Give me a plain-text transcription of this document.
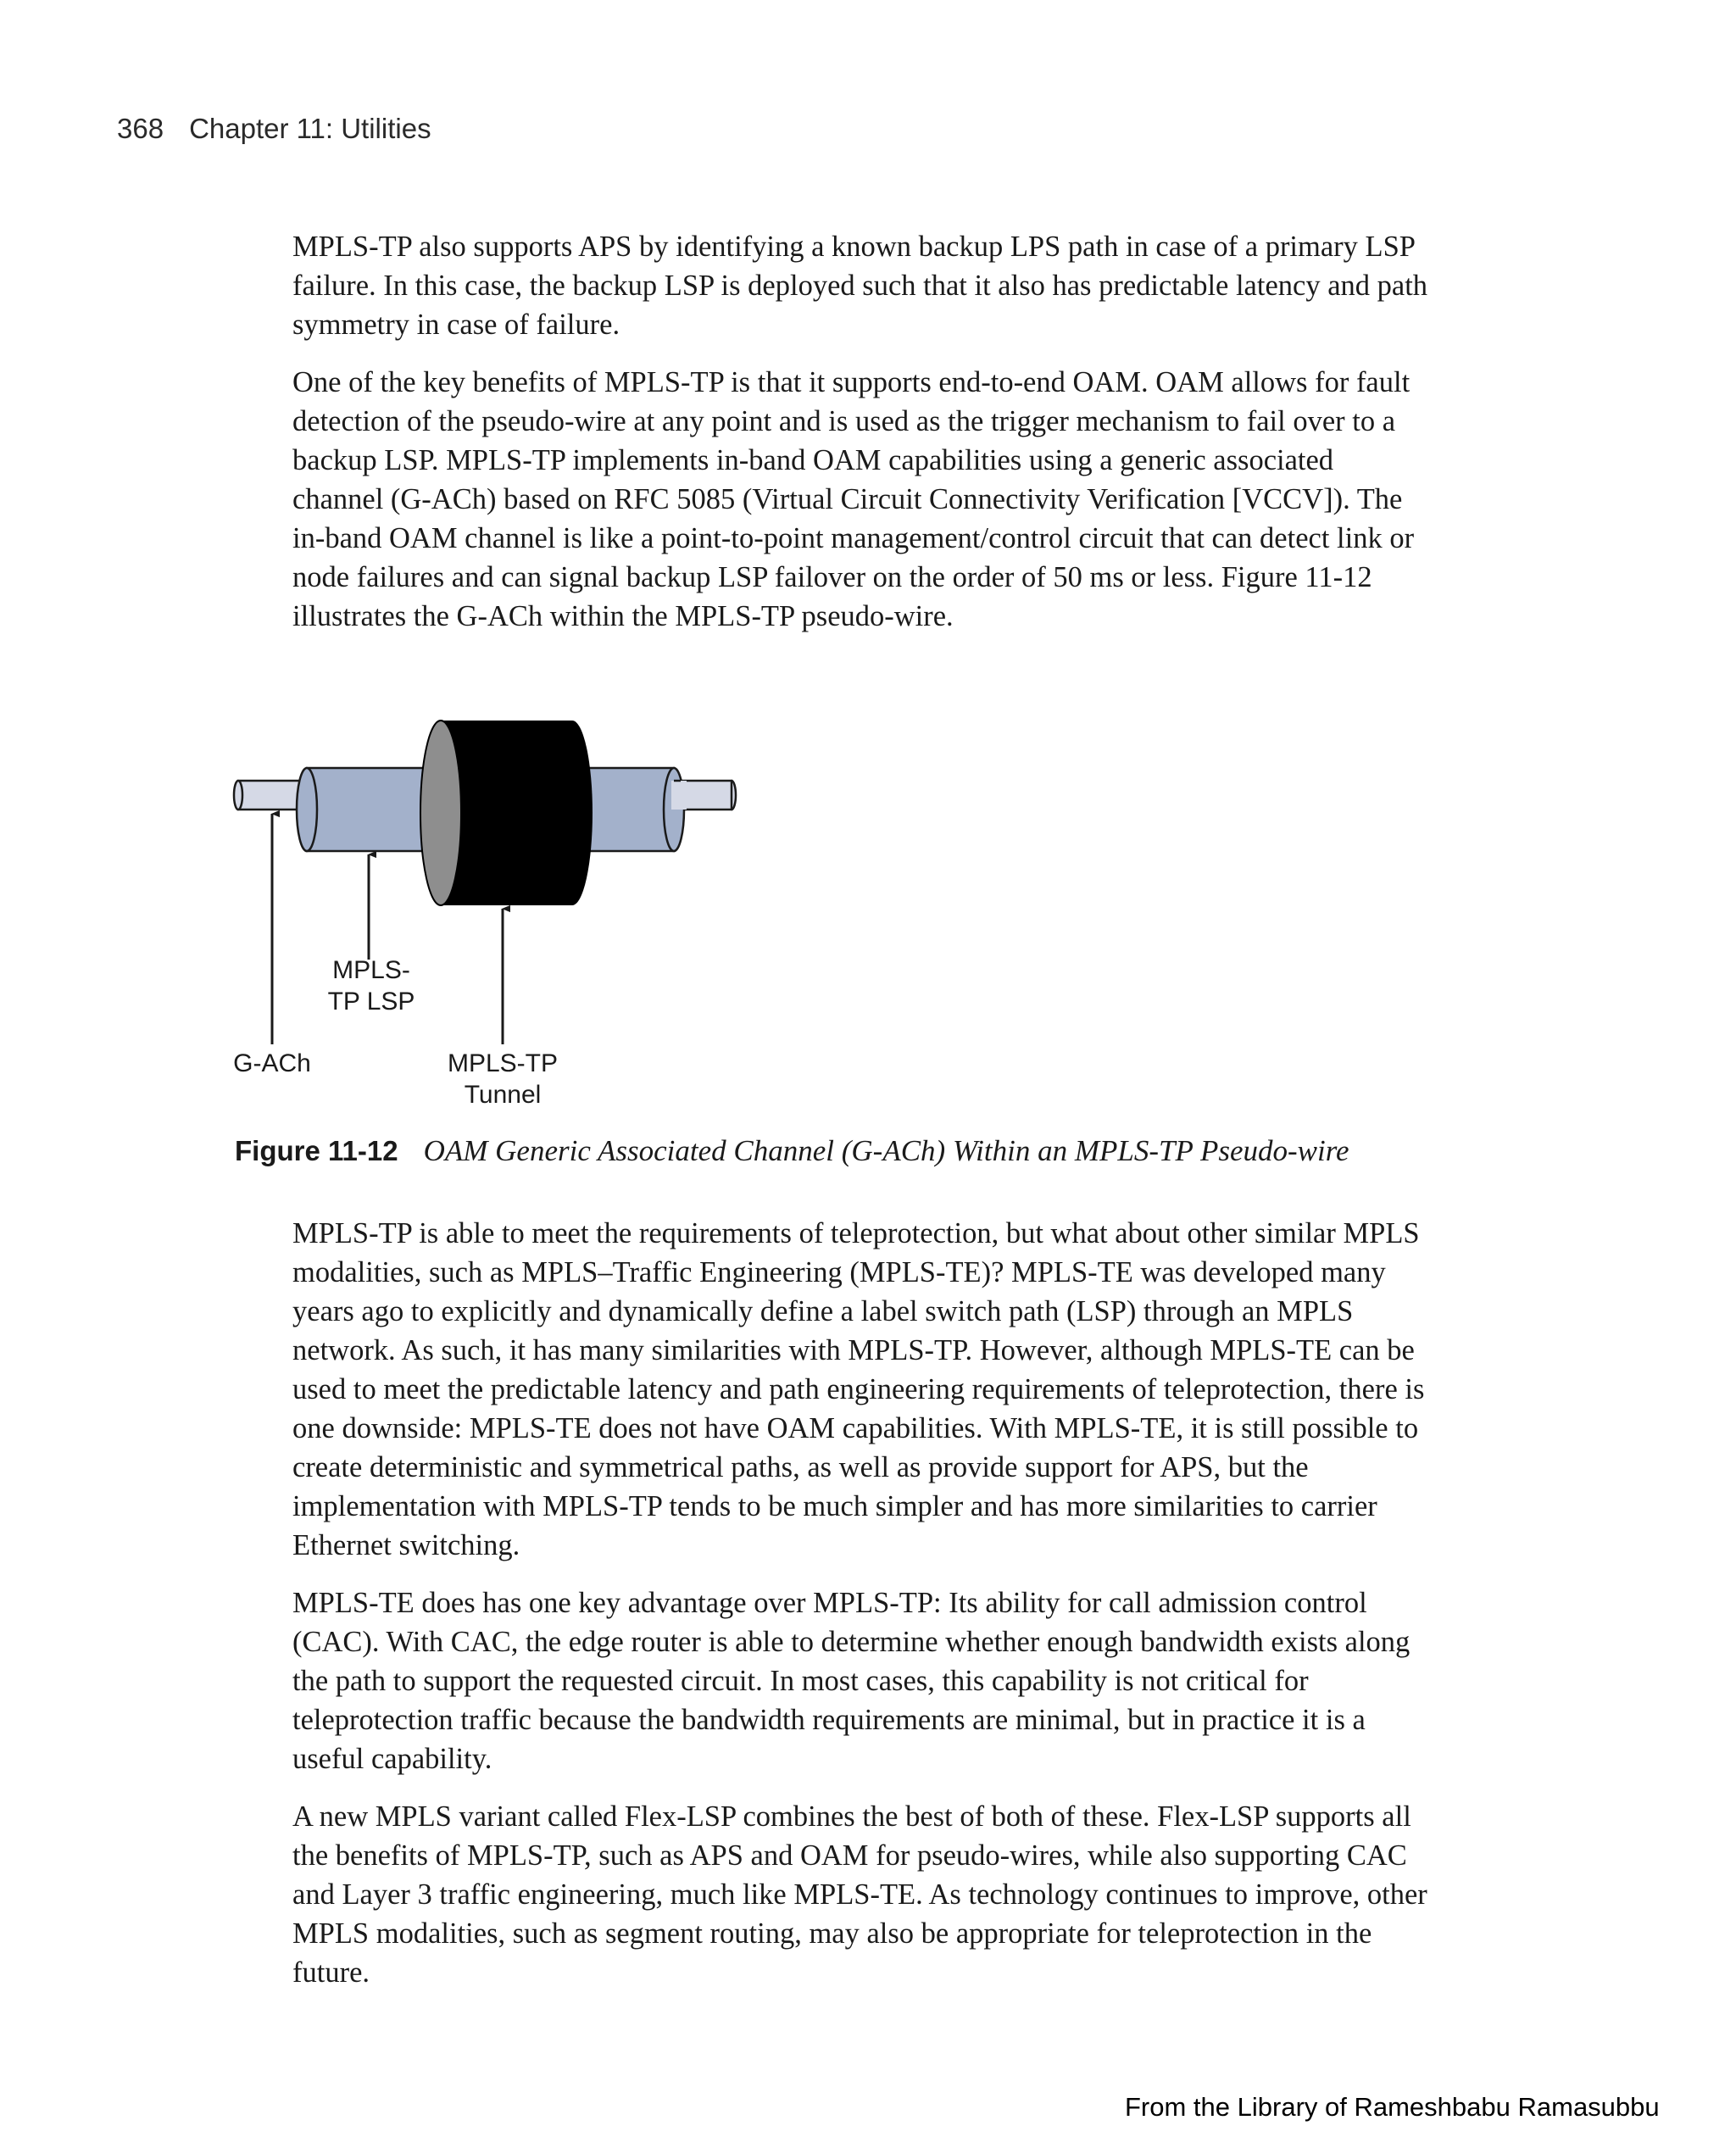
368 Chapter 11: Utilities

MPLS-TP also supports APS by identifying a known backup LPS path in case of a primary LSP failure. In this case, the backup LSP is deployed such that it also has predictable latency and path symmetry in case of failure.

One of the key benefits of MPLS-TP is that it supports end-to-end OAM. OAM allows for fault detection of the pseudo-wire at any point and is used as the trigger mechanism to fail over to a backup LSP. MPLS-TP implements in-band OAM capabilities using a generic associated channel (G-ACh) based on RFC 5085 (Virtual Circuit Connectivity Verification [VCCV]). The in-band OAM channel is like a point-to-point management/control circuit that can detect link or node failures and can signal backup LSP failover on the order of 50 ms or less. Figure 11-12 illustrates the G-ACh within the MPLS-TP pseudo-wire.

MPLS-
TP LSP
G-ACh	MPLS-TP
Tunnel
Figure 11-12 OAM Generic Associated Channel (G-ACh) Within an MPLS-TP Pseudo-wire

MPLS-TP is able to meet the requirements of teleprotection, but what about other similar MPLS modalities, such as MPLS–Traffic Engineering (MPLS-TE)? MPLS-TE was developed many years ago to explicitly and dynamically define a label switch path (LSP) through an MPLS network. As such, it has many similarities with MPLS-TP. However, although MPLS-TE can be used to meet the predictable latency and path engineering requirements of teleprotection, there is one downside: MPLS-TE does not have OAM capabilities. With MPLS-TE, it is still possible to create deterministic and symmetrical paths, as well as provide support for APS, but the implementation with MPLS-TP tends to be much simpler and has more similarities to carrier Ethernet switching.

MPLS-TE does has one key advantage over MPLS-TP: Its ability for call admission control (CAC). With CAC, the edge router is able to determine whether enough bandwidth exists along the path to support the requested circuit. In most cases, this capability is not critical for teleprotection traffic because the bandwidth requirements are minimal, but in practice it is a useful capability.

A new MPLS variant called Flex-LSP combines the best of both of these. Flex-LSP supports all the benefits of MPLS-TP, such as APS and OAM for pseudo-wires, while also supporting CAC and Layer 3 traffic engineering, much like MPLS-TE. As technology continues to improve, other MPLS modalities, such as segment routing, may also be appropriate for teleprotection in the future.

From the Library of Rameshbabu Ramasubbu
